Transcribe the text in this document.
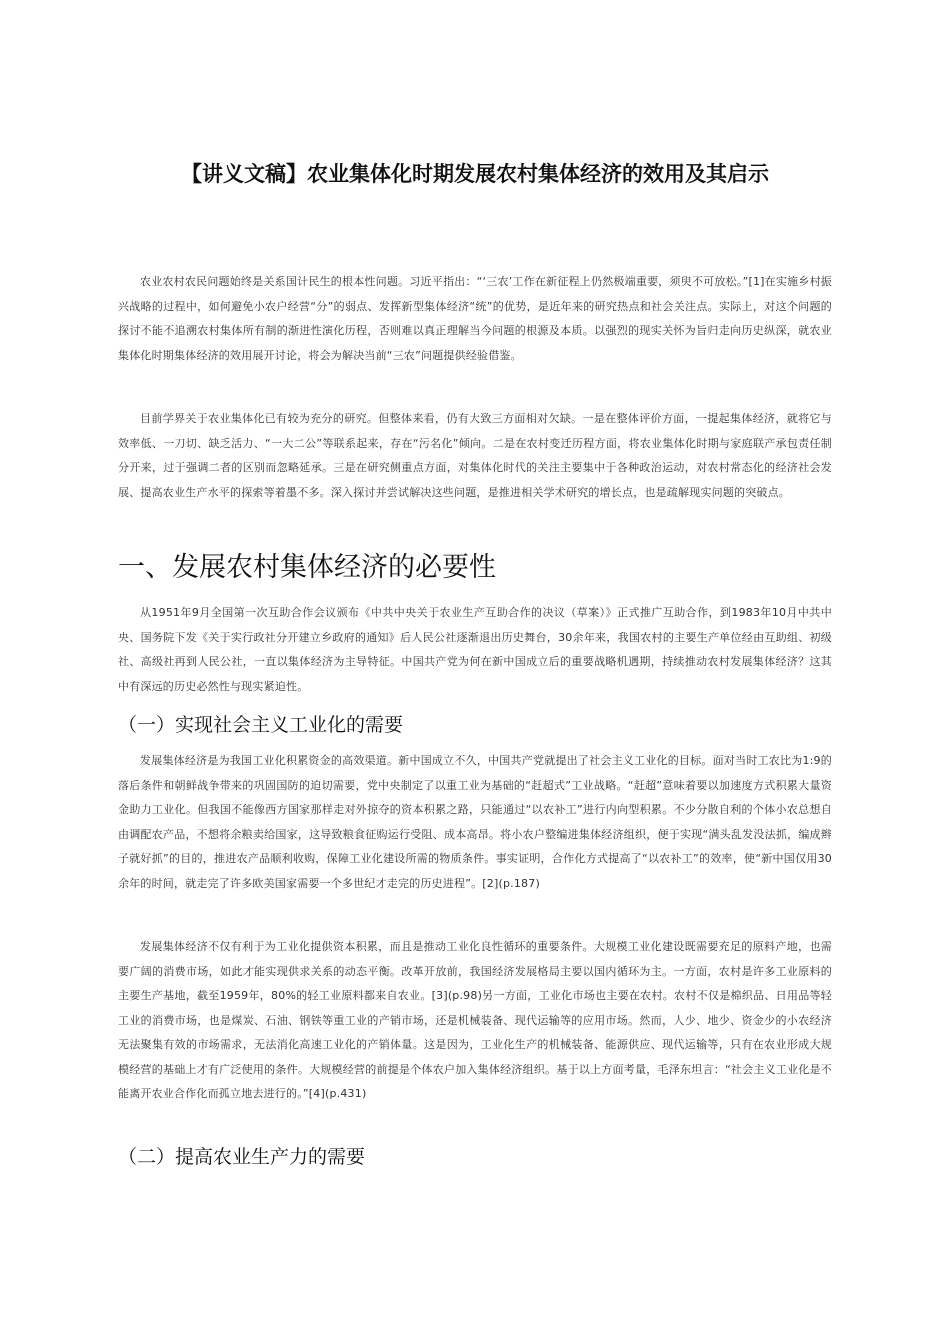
【讲义文稿】农业集体化时期发展农村集体经济的效用及其启示

农业农村农民问题始终是关系国计民生的根本性问题。习近平指出：“‘三农’工作在新征程上仍然极端重要，须臾不可放松。”[1]在实施乡村振兴战略的过程中，如何避免小农户经营“分”的弱点、发挥新型集体经济“统”的优势，是近年来的研究热点和社会关注点。实际上，对这个问题的探讨不能不追溯农村集体所有制的渐进性演化历程，否则难以真正理解当今问题的根源及本质。以强烈的现实关怀为旨归走向历史纵深，就农业集体化时期集体经济的效用展开讨论，将会为解决当前“三农”问题提供经验借鉴。

目前学界关于农业集体化已有较为充分的研究。但整体来看，仍有大致三方面相对欠缺。一是在整体评价方面，一提起集体经济，就将它与效率低、一刀切、缺乏活力、“一大二公”等联系起来，存在“污名化”倾向。二是在农村变迁历程方面，将农业集体化时期与家庭联产承包责任制分开来，过于强调二者的区别而忽略延承。三是在研究侧重点方面，对集体化时代的关注主要集中于各种政治运动，对农村常态化的经济社会发展、提高农业生产水平的探索等着墨不多。深入探讨并尝试解决这些问题，是推进相关学术研究的增长点，也是疏解现实问题的突破点。

一、发展农村集体经济的必要性

从1951年9月全国第一次互助合作会议颁布《中共中央关于农业生产互助合作的决议（草案）》正式推广互助合作，到1983年10月中共中央、国务院下发《关于实行政社分开建立乡政府的通知》后人民公社逐渐退出历史舞台，30余年来，我国农村的主要生产单位经由互助组、初级社、高级社再到人民公社，一直以集体经济为主导特征。中国共产党为何在新中国成立后的重要战略机遇期，持续推动农村发展集体经济？这其中有深远的历史必然性与现实紧迫性。

（一）实现社会主义工业化的需要

发展集体经济是为我国工业化积累资金的高效渠道。新中国成立不久，中国共产党就提出了社会主义工业化的目标。面对当时工农比为1:9的落后条件和朝鲜战争带来的巩固国防的迫切需要，党中央制定了以重工业为基础的“赶超式”工业战略。“赶超”意味着要以加速度方式积累大量资金助力工业化。但我国不能像西方国家那样走对外掠夺的资本积累之路，只能通过“以农补工”进行内向型积累。不少分散自利的个体小农总想自由调配农产品，不想将余粮卖给国家，这导致粮食征购运行受阻、成本高昂。将小农户整编进集体经济组织，便于实现“满头乱发没法抓，编成辫子就好抓”的目的，推进农产品顺利收购，保障工业化建设所需的物质条件。事实证明，合作化方式提高了“以农补工”的效率，使“新中国仅用30余年的时间，就走完了许多欧美国家需要一个多世纪才走完的历史进程”。[2](p.187)

发展集体经济不仅有利于为工业化提供资本积累，而且是推动工业化良性循环的重要条件。大规模工业化建设既需要充足的原料产地，也需要广阔的消费市场，如此才能实现供求关系的动态平衡。改革开放前，我国经济发展格局主要以国内循环为主。一方面，农村是许多工业原料的主要生产基地，截至1959年，80%的轻工业原料都来自农业。[3](p.98)另一方面，工业化市场也主要在农村。农村不仅是棉织品、日用品等轻工业的消费市场，也是煤炭、石油、钢铁等重工业的产销市场，还是机械装备、现代运输等的应用市场。然而，人少、地少、资金少的小农经济无法聚集有效的市场需求，无法消化高速工业化的产销体量。这是因为，工业化生产的机械装备、能源供应、现代运输等，只有在农业形成大规模经营的基础上才有广泛使用的条件。大规模经营的前提是个体农户加入集体经济组织。基于以上方面考量，毛泽东坦言：“社会主义工业化是不能离开农业合作化而孤立地去进行的。”[4](p.431)

（二）提高农业生产力的需要
